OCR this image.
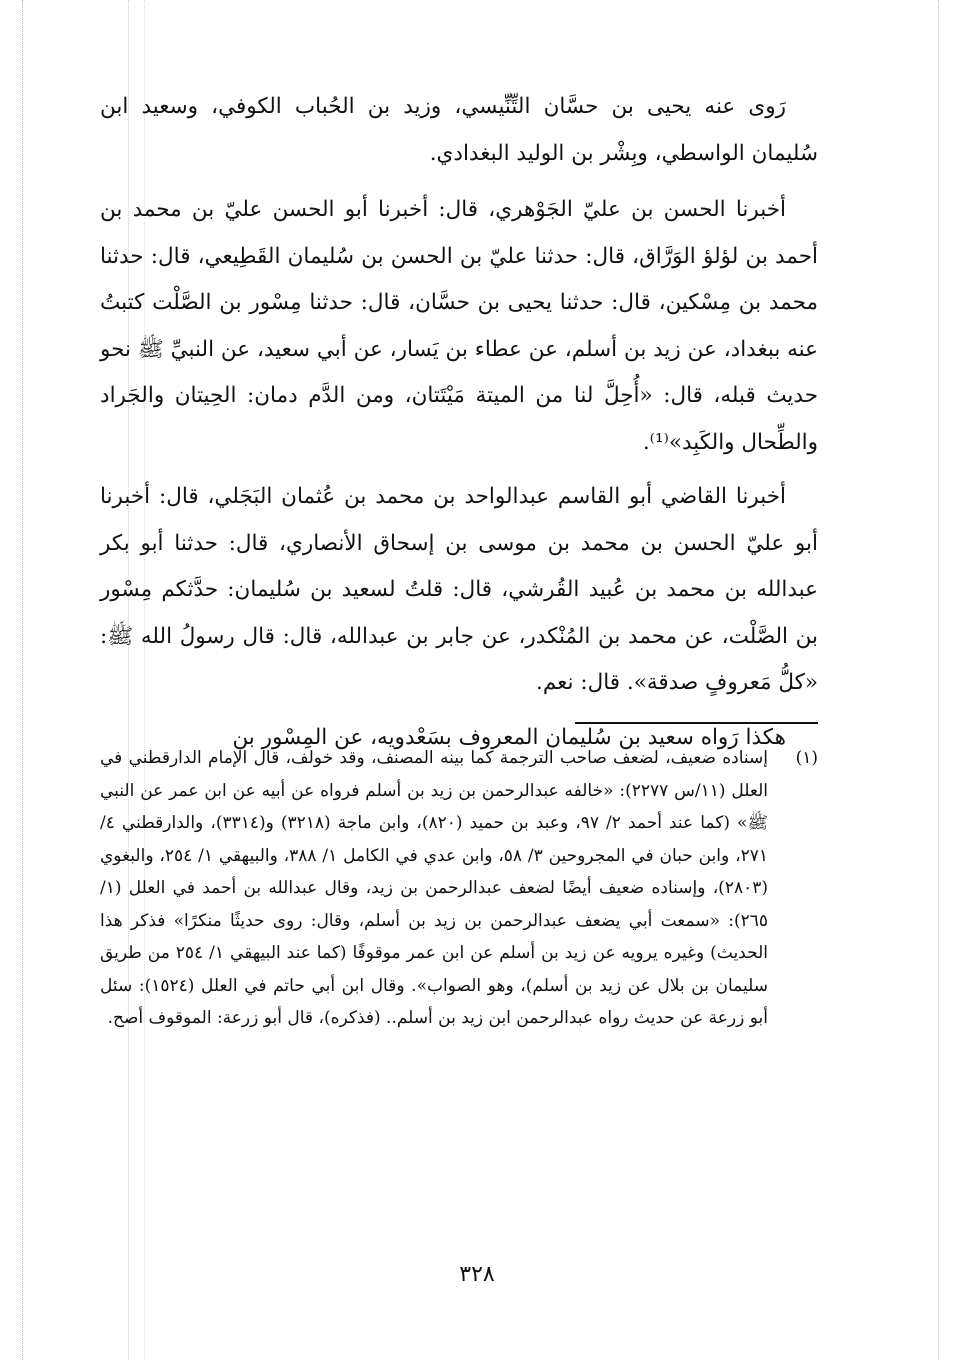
رَوى عنه يحيى بن حسَّان التِّنِّيسي، وزيد بن الحُباب الكوفي، وسعيد ابن سُليمان الواسطي، وبِشْر بن الوليد البغدادي.

أخبرنا الحسن بن عليّ الجَوْهري، قال: أخبرنا أبو الحسن عليّ بن محمد بن أحمد بن لؤلؤ الوَرَّاق، قال: حدثنا عليّ بن الحسن بن سُليمان القَطِيعي، قال: حدثنا محمد بن مِسْكين، قال: حدثنا يحيى بن حسَّان، قال: حدثنا مِسْور بن الصَّلْت كتبتُ عنه ببغداد، عن زيد بن أسلم، عن عطاء بن يَسار، عن أبي سعيد، عن النبيِّ ﷺ نحو حديث قبله، قال: «أُحِلَّ لنا من الميتة مَيْتَتان، ومن الدَّم دمان: الحِيتان والجَراد والطِّحال والكَبِد»⁽¹⁾.

أخبرنا القاضي أبو القاسم عبدالواحد بن محمد بن عُثمان البَجَلي، قال: أخبرنا أبو عليّ الحسن بن محمد بن موسى بن إسحاق الأنصاري، قال: حدثنا أبو بكر عبدالله بن محمد بن عُبيد القُرشي، قال: قلتُ لسعيد بن سُليمان: حدَّثكم مِسْور بن الصَّلْت، عن محمد بن المُنْكدر، عن جابر بن عبدالله، قال: قال رسولُ الله ﷺ: «كلُّ مَعروفٍ صدقة». قال: نعم.

هكذا رَواه سعيد بن سُليمان المعروف بسَعْدويه، عن المِسْور بن

(١)
إسناده ضعيف، لضعف صاحب الترجمة كما بينه المصنف، وقد خولف، قال الإمام الدارقطني في العلل (١١/س ٢٢٧٧): «خالفه عبدالرحمن بن زيد بن أسلم فرواه عن أبيه عن ابن عمر عن النبي ﷺ» (كما عند أحمد ٢/ ٩٧، وعبد بن حميد (٨٢٠)، وابن ماجة (٣٢١٨) و(٣٣١٤)، والدارقطني ٤/ ٢٧١، وابن حبان في المجروحين ٣/ ٥٨، وابن عدي في الكامل ١/ ٣٨٨، والبيهقي ١/ ٢٥٤، والبغوي (٢٨٠٣)، وإسناده ضعيف أيضًا لضعف عبدالرحمن بن زيد، وقال عبدالله بن أحمد في العلل (١/ ٢٦٥): «سمعت أبي يضعف عبدالرحمن بن زيد بن أسلم، وقال: روى حديثًا منكرًا» فذكر هذا الحديث) وغيره يرويه عن زيد بن أسلم عن ابن عمر موقوفًا (كما عند البيهقي ١/ ٢٥٤ من طريق سليمان بن بلال عن زيد بن أسلم)، وهو الصواب». وقال ابن أبي حاتم في العلل (١٥٢٤): سئل أبو زرعة عن حديث رواه عبدالرحمن ابن زيد بن أسلم.. (فذكره)، قال أبو زرعة: الموقوف أصح.
٣٢٨
